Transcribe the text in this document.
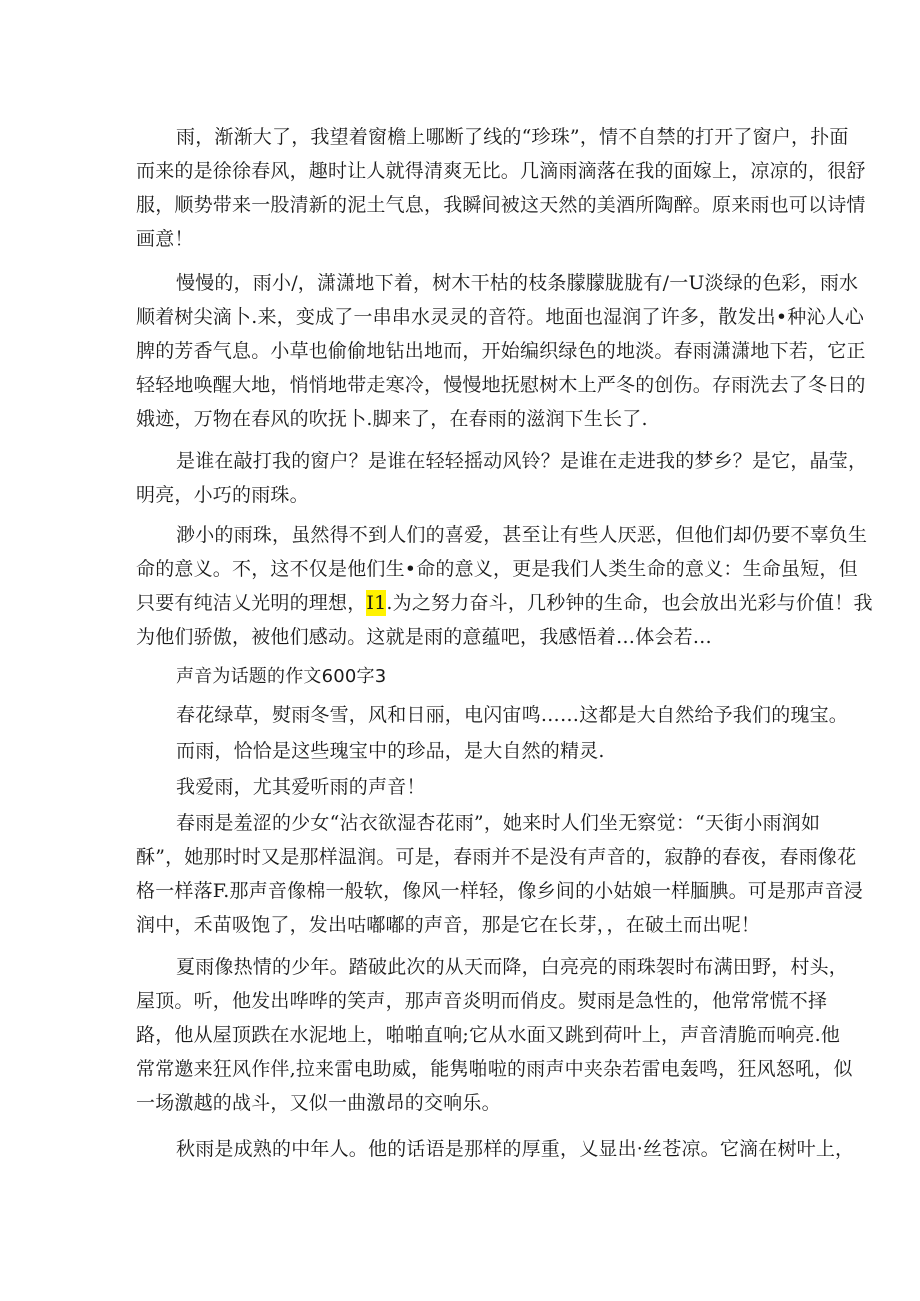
雨，渐渐大了，我望着窗檐上哪断了线的“珍珠”，情不自禁的打开了窗户，扑面
而来的是徐徐春风，趣时让人就得清爽无比。几滴雨滴落在我的面嫁上，凉凉的，很舒
服，顺势带来一股清新的泥土气息，我瞬间被这天然的美酒所陶醉。原来雨也可以诗情
画意！
慢慢的，雨小/，潇潇地下着，树木干枯的枝条朦朦胧胧有/一U淡绿的色彩，雨水
顺着树尖滴卜.来，变成了一串串水灵灵的音符。地面也湿润了许多，散发出•种沁人心
脾的芳香气息。小草也偷偷地钻出地而，开始编织绿色的地淡。春雨潇潇地下若，它正
轻轻地唤醒大地，悄悄地带走寒冷，慢慢地抚慰树木上严冬的创伤。存雨洗去了冬日的
娥迹，万物在春风的吹抚卜.脚来了，在春雨的滋润下生长了.
是谁在敲打我的窗户？是谁在轻轻摇动风铃？是谁在走进我的梦乡？是它，晶莹，
明亮，小巧的雨珠。
渺小的雨珠，虽然得不到人们的喜爱，甚至让有些人厌恶，但他们却仍要不辜负生
命的意义。不，这不仅是他们生•命的意义，更是我们人类生命的意义：生命虽短，但
只要有纯洁乂光明的理想，I1.为之努力奋斗，几秒钟的生命，也会放出光彩与价值！我
为他们骄傲，被他们感动。这就是雨的意蕴吧，我感悟着…体会若…
声音为话题的作文600字3
春花绿草，熨雨冬雪，风和日丽，电闪宙鸣……这都是大自然给予我们的瑰宝。
而雨，恰恰是这些瑰宝中的珍品，是大自然的精灵.
我爱雨，尤其爱听雨的声音！
春雨是羞涩的少女“沾衣欲湿杏花雨”，她来时人们坐无察觉：“天街小雨润如
酥”，她那时时又是那样温润。可是，春雨并不是没有声音的，寂静的春夜，春雨像花
格一样落F.那声音像棉一般软，像风一样轻，像乡间的小姑娘一样腼腆。可是那声音浸
润中，禾苗吸饱了，发出咕嘟嘟的声音，那是它在长芽，，在破土而出呢！
夏雨像热情的少年。踏破此次的从天而降，白亮亮的雨珠袈时布满田野，村头，
屋顶。听，他发出哗哗的笑声，那声音炎明而俏皮。熨雨是急性的，他常常慌不择
路，他从屋顶跌在水泥地上，啪啪直响;它从水面又跳到荷叶上，声音清脆而响亮.他
常常邀来狂风作伴,拉来雷电助威，能隽啪啦的雨声中夹杂若雷电轰鸣，狂风怒吼，似
一场激越的战斗，又似一曲激昂的交响乐。
秋雨是成熟的中年人。他的话语是那样的厚重，乂显出·丝苍凉。它滴在树叶上，
